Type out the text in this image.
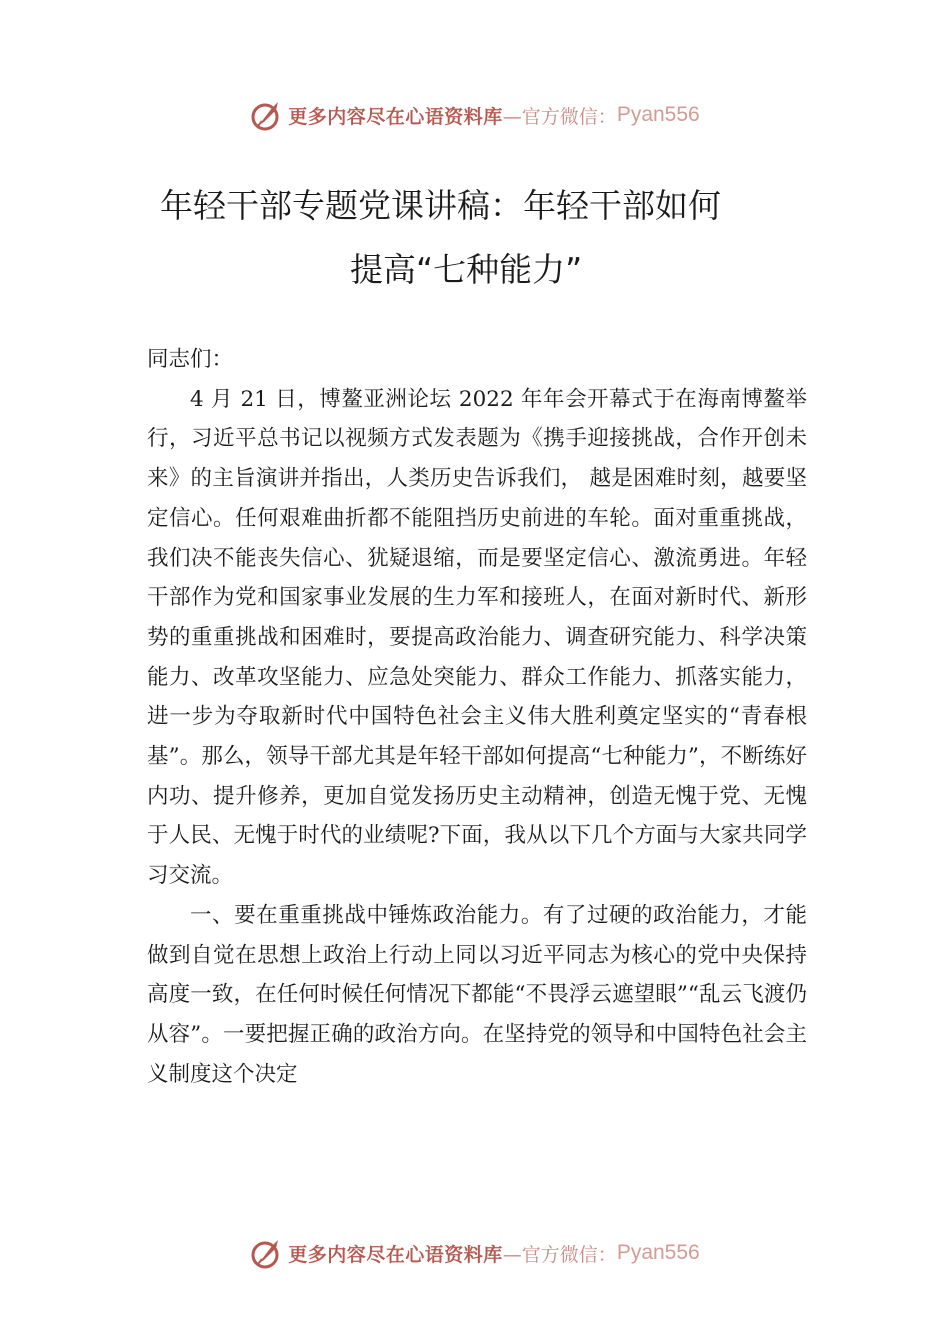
更多内容尽在心语资料库 —官方微信： Pyan556
年轻干部专题党课讲稿：年轻干部如何
提高“七种能力”

同志们：

4 月 21 日，博鳌亚洲论坛 2022 年年会开幕式于在海南博鳌举行，习近平总书记以视频方式发表题为《携手迎接挑战，合作开创未来》的主旨演讲并指出，人类历史告诉我们， 越是困难时刻，越要坚定信心。任何艰难曲折都不能阻挡历史前进的车轮。面对重重挑战，我们决不能丧失信心、犹疑退缩，而是要坚定信心、激流勇进。年轻干部作为党和国家事业发展的生力军和接班人，在面对新时代、新形势的重重挑战和困难时，要提高政治能力、调查研究能力、科学决策能力、改革攻坚能力、应急处突能力、群众工作能力、抓落实能力，进一步为夺取新时代中国特色社会主义伟大胜利奠定坚实的“青春根基”。那么，领导干部尤其是年轻干部如何提高“七种能力”，不断练好内功、提升修养，更加自觉发扬历史主动精神，创造无愧于党、无愧于人民、无愧于时代的业绩呢?下面，我从以下几个方面与大家共同学习交流。

一、要在重重挑战中锤炼政治能力。有了过硬的政治能力，才能做到自觉在思想上政治上行动上同以习近平同志为核心的党中央保持高度一致，在任何时候任何情况下都能“不畏浮云遮望眼”“乱云飞渡仍从容”。一要把握正确的政治方向。在坚持党的领导和中国特色社会主义制度这个决定

更多内容尽在心语资料库 —官方微信： Pyan556
